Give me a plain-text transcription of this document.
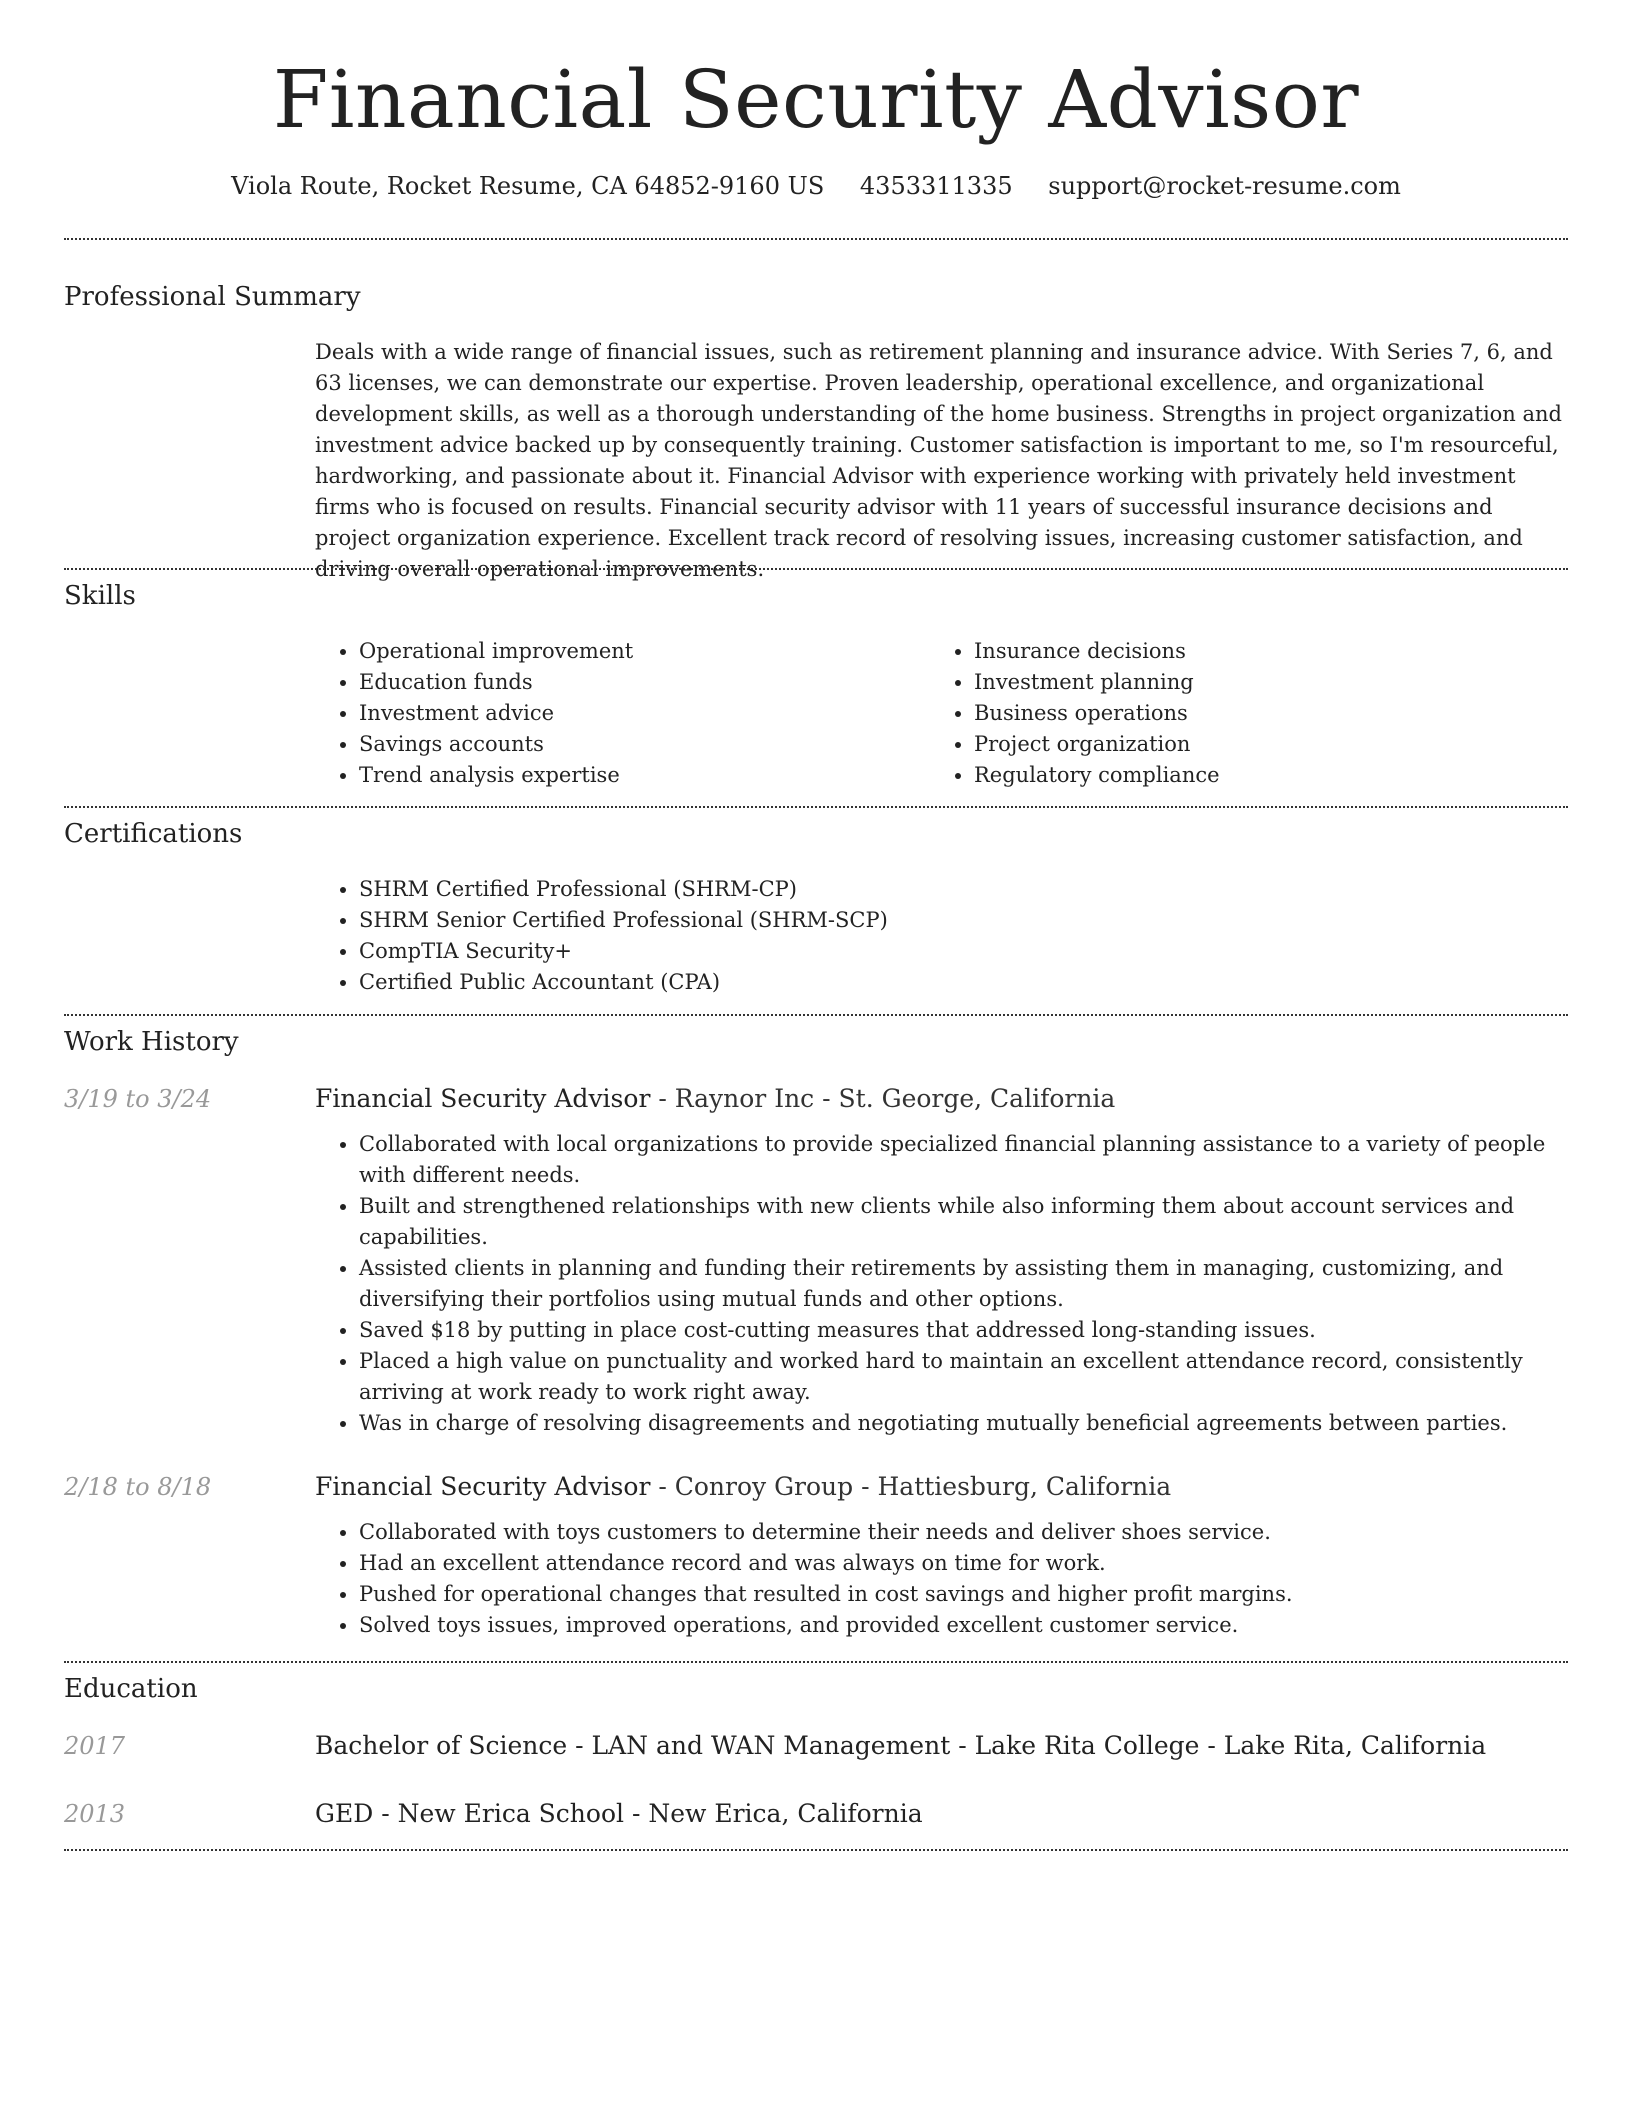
Financial Security Advisor
Viola Route, Rocket Resume, CA 64852-9160 US 4353311335 support@rocket-resume.com
Professional Summary

Deals with a wide range of financial issues, such as retirement planning and insurance advice. With Series 7, 6, and 63 licenses, we can demonstrate our expertise. Proven leadership, operational excellence, and organizational development skills, as well as a thorough understanding of the home business. Strengths in project organization and investment advice backed up by consequently training. Customer satisfaction is important to me, so I'm resourceful, hardworking, and passionate about it. Financial Advisor with experience working with privately held investment firms who is focused on results. Financial security advisor with 11 years of successful insurance decisions and project organization experience. Excellent track record of resolving issues, increasing customer satisfaction, and driving overall operational improvements.

Skills
• Operational improvement
• Education funds
• Investment advice
• Savings accounts
• Trend analysis expertise
• Insurance decisions
• Investment planning
• Business operations
• Project organization
• Regulatory compliance
Certifications
• SHRM Certified Professional (SHRM-CP)
• SHRM Senior Certified Professional (SHRM-SCP)
• CompTIA Security+
• Certified Public Accountant (CPA)
Work History
3/19 to 3/24	Financial Security Advisor - Raynor Inc - St. George, California
• Collaborated with local organizations to provide specialized financial planning assistance to a variety of people with different needs.
• Built and strengthened relationships with new clients while also informing them about account services and capabilities.
• Assisted clients in planning and funding their retirements by assisting them in managing, customizing, and diversifying their portfolios using mutual funds and other options.
• Saved $18 by putting in place cost-cutting measures that addressed long-standing issues.
• Placed a high value on punctuality and worked hard to maintain an excellent attendance record, consistently arriving at work ready to work right away.
• Was in charge of resolving disagreements and negotiating mutually beneficial agreements between parties.
2/18 to 8/18	Financial Security Advisor - Conroy Group - Hattiesburg, California
• Collaborated with toys customers to determine their needs and deliver shoes service.
• Had an excellent attendance record and was always on time for work.
• Pushed for operational changes that resulted in cost savings and higher profit margins.
• Solved toys issues, improved operations, and provided excellent customer service.
Education
2017	Bachelor of Science - LAN and WAN Management - Lake Rita College - Lake Rita, California
2013	GED - New Erica School - New Erica, California
